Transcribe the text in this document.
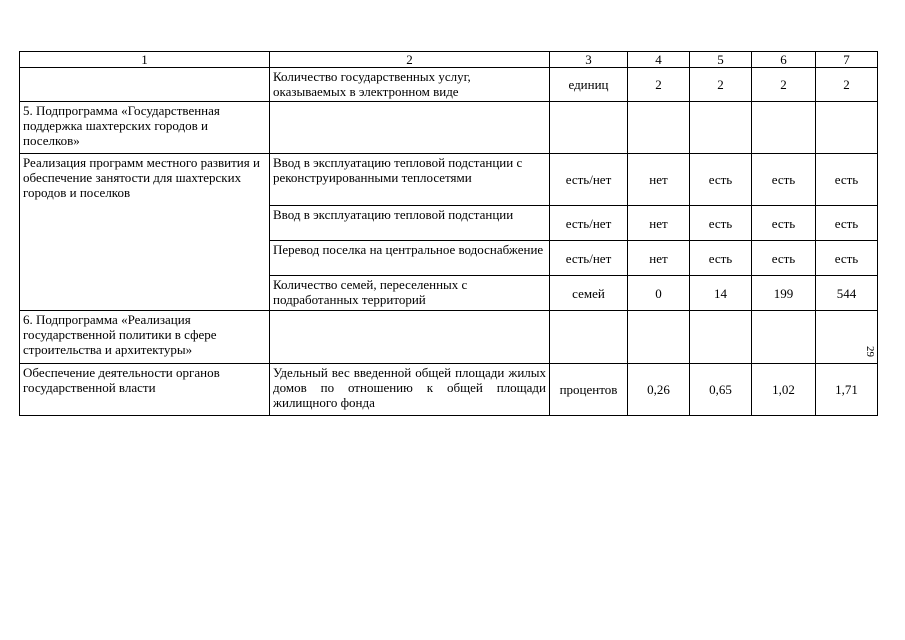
1	2	3	4	5	6	7
	Количество государственных услуг, оказываемых в электронном виде	единиц	2	2	2	2
5. Подпрограмма «Государственная поддержка шахтерских городов и поселков»						
Реализация программ местного развития и обеспечение занятости для шахтерских городов и поселков	Ввод в эксплуатацию тепловой подстанции с реконструированными теплосетями	есть/нет	нет	есть	есть	есть
	Ввод в эксплуатацию тепловой подстанции	есть/нет	нет	есть	есть	есть
	Перевод поселка на центральное водоснабжение	есть/нет	нет	есть	есть	есть
	Количество семей, переселенных с подработанных территорий	семей	0	14	199	544
6. Подпрограмма «Реализация государственной политики в сфере строительства и архитектуры»						
Обеспечение деятельности органов государственной власти	Удельный вес введенной общей площади жилых домов по отношению к общей площади жилищного фонда	процентов	0,26	0,65	1,02	1,71
29
